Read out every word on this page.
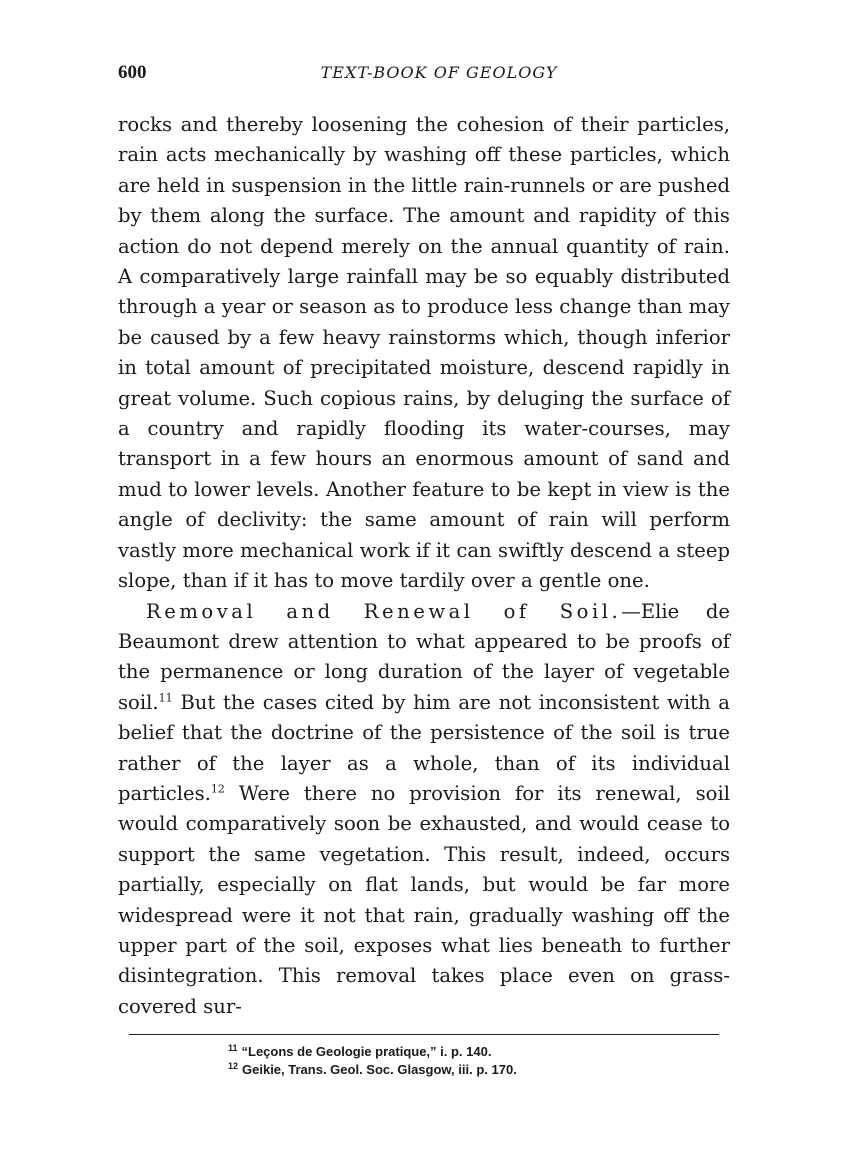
600	TEXT-BOOK OF GEOLOGY

rocks and thereby loosening the cohesion of their particles, rain acts mechanically by washing off these particles, which are held in suspension in the little rain-runnels or are pushed by them along the surface. The amount and rapidity of this action do not depend merely on the annual quantity of rain. A comparatively large rainfall may be so equably distributed through a year or season as to produce less change than may be caused by a few heavy rainstorms which, though inferior in total amount of precipitated moisture, descend rapidly in great volume. Such copious rains, by deluging the surface of a country and rapidly flooding its water-courses, may transport in a few hours an enormous amount of sand and mud to lower levels. Another feature to be kept in view is the angle of declivity: the same amount of rain will perform vastly more mechanical work if it can swiftly descend a steep slope, than if it has to move tardily over a gentle one.

Removal and Renewal of Soil.—Elie de Beaumont drew attention to what appeared to be proofs of the permanence or long duration of the layer of vegetable soil.$^{11}$ But the cases cited by him are not inconsistent with a belief that the doctrine of the persistence of the soil is true rather of the layer as a whole, than of its individual particles.$^{12}$ Were there no provision for its renewal, soil would comparatively soon be exhausted, and would cease to support the same vegetation. This result, indeed, occurs partially, especially on flat lands, but would be far more widespread were it not that rain, gradually washing off the upper part of the soil, exposes what lies beneath to further disintegration. This removal takes place even on grass-covered sur-

$^{11}$ “Leçons de Geologie pratique,” i. p. 140.
$^{12}$ Geikie, Trans. Geol. Soc. Glasgow, iii. p. 170.
